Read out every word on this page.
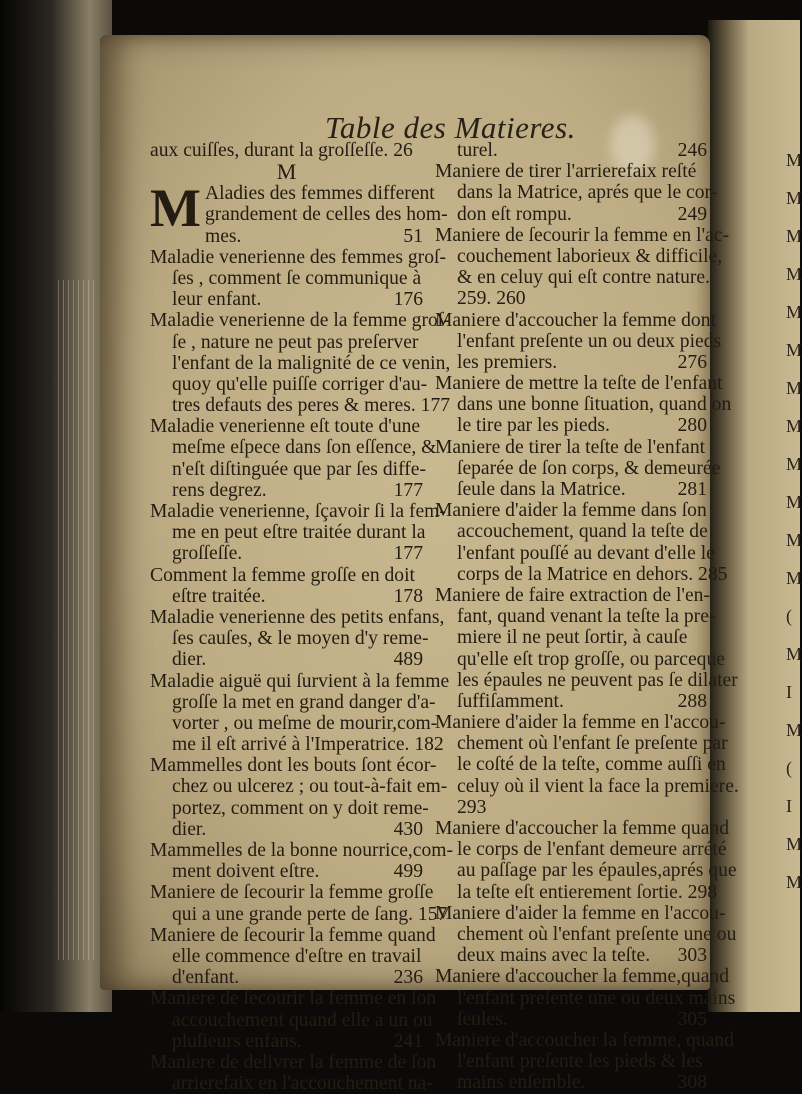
M
M
M
M
M
M
M
M
M
M
M
M
(
M
I
M
(
I
M
M
Table des Matieres.
aux cuiſſes, durant la groſſeſſe. 26
M
M Aladies des femmes different
grandement de celles des hom-
mes.	51
Maladie venerienne des femmes groſ-
ſes , comment ſe communique à
leur enfant.	176
Maladie venerienne de la femme groſ-
ſe , nature ne peut pas preſerver
l'enfant de la malignité de ce venin,
quoy qu'elle puiſſe corriger d'au-
tres defauts des peres & meres. 177
Maladie venerienne eſt toute d'une
meſme eſpece dans ſon eſſence, &
n'eſt diſtinguée que par ſes diffe-
rens degrez.	177
Maladie venerienne, ſçavoir ſi la fem-
me en peut eſtre traitée durant la
groſſeſſe.	177
Comment la femme groſſe en doit
eſtre traitée.	178
Maladie venerienne des petits enfans,
ſes cauſes, & le moyen d'y reme-
dier.	489
Maladie aiguë qui ſurvient à la femme
groſſe la met en grand danger d'a-
vorter , ou meſme de mourir,com-
me il eſt arrivé à l'Imperatrice. 182
Mammelles dont les bouts ſont écor-
chez ou ulcerez ; ou tout-à-fait em-
portez, comment on y doit reme-
dier.	430
Mammelles de la bonne nourrice,com-
ment doivent eſtre.	499
Maniere de ſecourir la femme groſſe
qui a une grande perte de ſang. 157
Maniere de ſecourir la femme quand
elle commence d'eſtre en travail
d'enfant.	236
Maniere de ſecourir la femme en ſon
accouchement quand elle a un ou
pluſieurs enfans.	241
Maniere de delivrer la femme de ſon
arrierefaix en l'accouchement na-
turel.	246
Maniere de tirer l'arrierefaix reſté
dans la Matrice, aprés que le cor-
don eſt rompu.	249
Maniere de ſecourir la femme en l'ac-
couchement laborieux & difficile,
& en celuy qui eſt contre nature.
259. 260
Maniere d'accoucher la femme dont
l'enfant preſente un ou deux pieds
les premiers.	276
Maniere de mettre la teſte de l'enfant
dans une bonne ſituation, quand on
le tire par les pieds.	280
Maniere de tirer la teſte de l'enfant
ſeparée de ſon corps, & demeurée
ſeule dans la Matrice.	281
Maniere d'aider la femme dans ſon
accouchement, quand la teſte de
l'enfant pouſſé au devant d'elle le
corps de la Matrice en dehors. 285
Maniere de faire extraction de l'en-
fant, quand venant la teſte la pre-
miere il ne peut ſortir, à cauſe
qu'elle eſt trop groſſe, ou parceque
les épaules ne peuvent pas ſe dilater
ſuffiſamment.	288
Maniere d'aider la femme en l'accou-
chement où l'enfant ſe preſente par
le coſté de la teſte, comme auſſi en
celuy où il vient la face la premiere.
293
Maniere d'accoucher la femme quand
le corps de l'enfant demeure arrété
au paſſage par les épaules,aprés que
la teſte eſt entierement ſortie. 298
Maniere d'aider la femme en l'accou-
chement où l'enfant preſente une ou
deux mains avec la teſte. 303
Maniere d'accoucher la femme,quand
l'enfant preſente une ou deux mains
ſeules.	305
Maniere d'accoucher la femme, quand
l'enfant preſente les pieds & les
mains enſemble.	308
